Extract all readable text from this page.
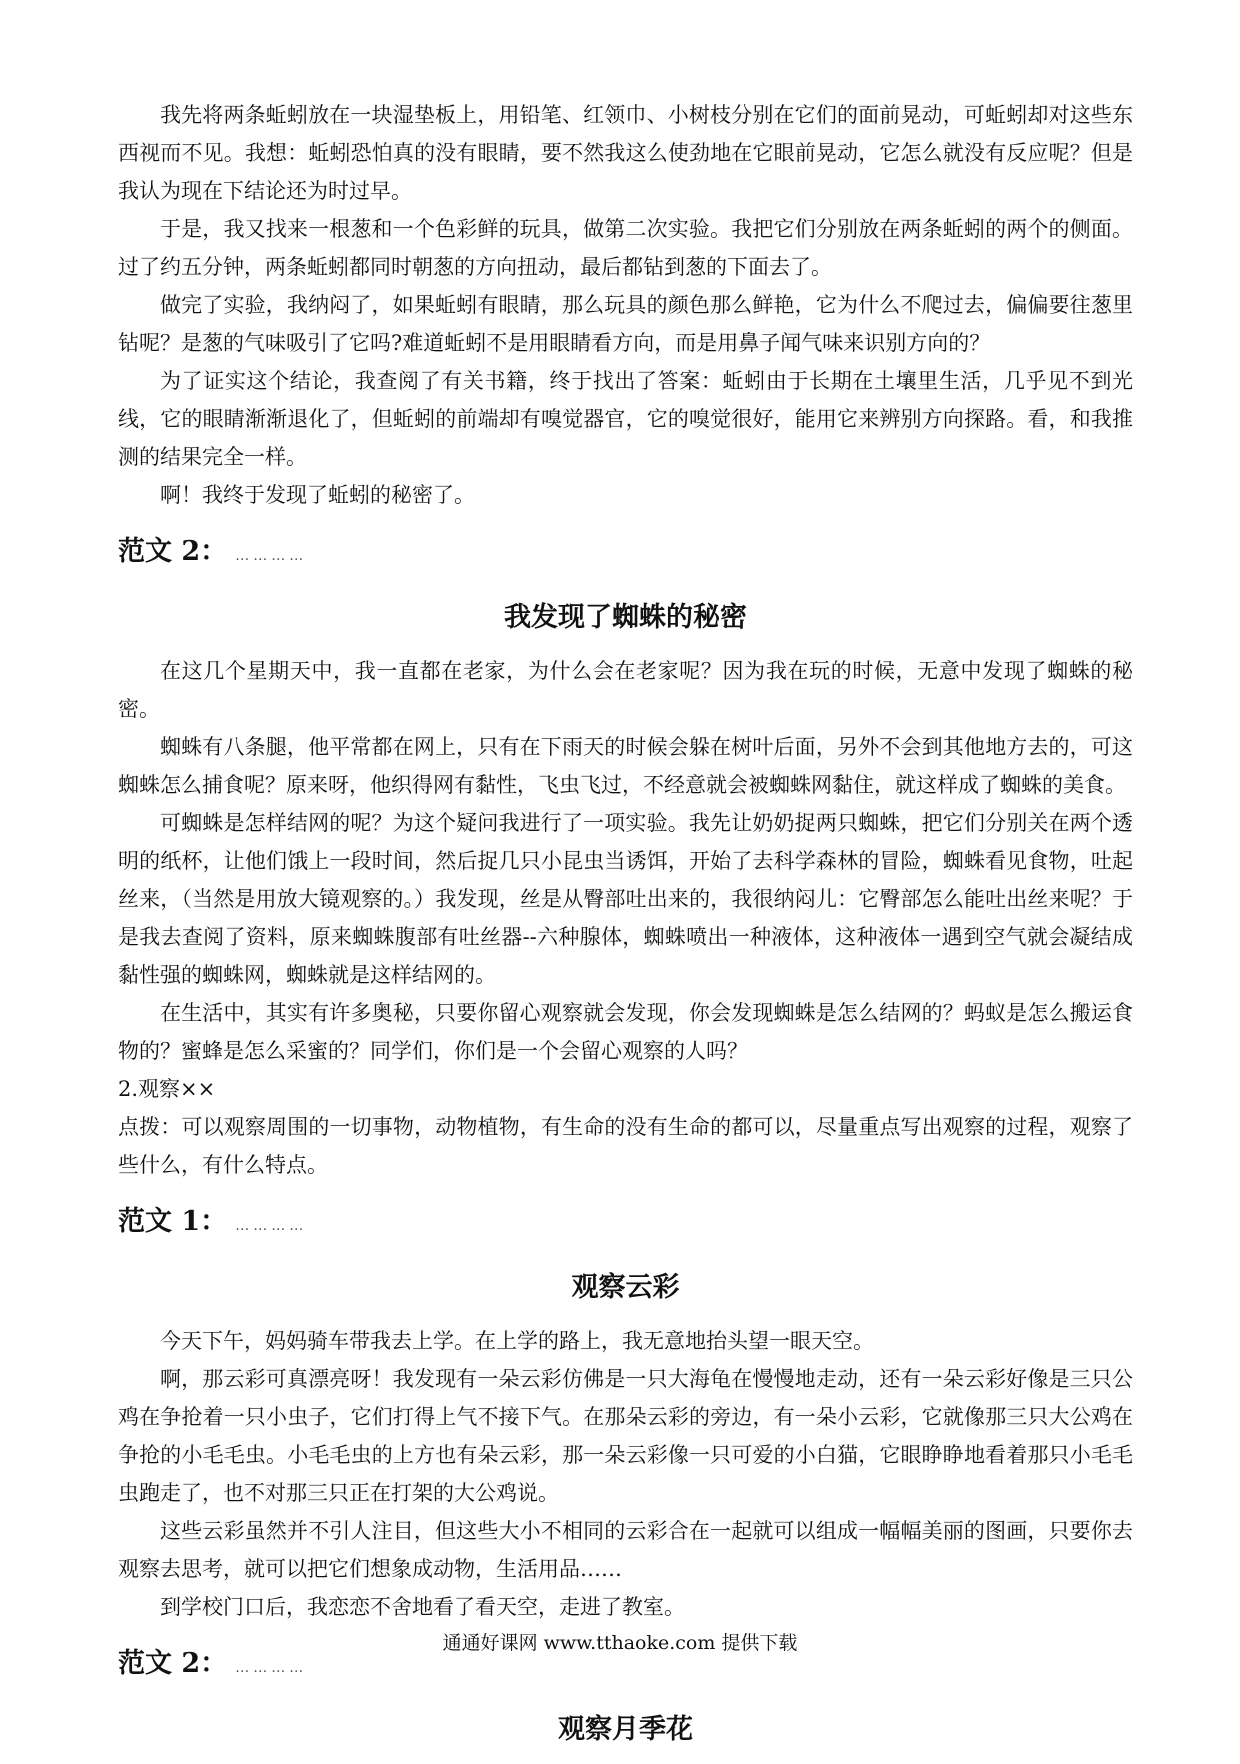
我先将两条蚯蚓放在一块湿垫板上，用铅笔、红领巾、小树枝分别在它们的面前晃动，可蚯蚓却对这些东西视而不见。我想：蚯蚓恐怕真的没有眼睛，要不然我这么使劲地在它眼前晃动，它怎么就没有反应呢？但是我认为现在下结论还为时过早。

于是，我又找来一根葱和一个色彩鲜的玩具，做第二次实验。我把它们分别放在两条蚯蚓的两个的侧面。过了约五分钟，两条蚯蚓都同时朝葱的方向扭动，最后都钻到葱的下面去了。

做完了实验，我纳闷了，如果蚯蚓有眼睛，那么玩具的颜色那么鲜艳，它为什么不爬过去，偏偏要往葱里钻呢？是葱的气味吸引了它吗?难道蚯蚓不是用眼睛看方向，而是用鼻子闻气味来识别方向的？

为了证实这个结论，我查阅了有关书籍，终于找出了答案：蚯蚓由于长期在土壤里生活，几乎见不到光线，它的眼睛渐渐退化了，但蚯蚓的前端却有嗅觉器官，它的嗅觉很好，能用它来辨别方向探路。看，和我推测的结果完全一样。

啊！我终于发现了蚯蚓的秘密了。

范文 2： …………
我发现了蜘蛛的秘密

在这几个星期天中，我一直都在老家，为什么会在老家呢？因为我在玩的时候，无意中发现了蜘蛛的秘密。

蜘蛛有八条腿，他平常都在网上，只有在下雨天的时候会躲在树叶后面，另外不会到其他地方去的，可这蜘蛛怎么捕食呢？原来呀，他织得网有黏性，飞虫飞过，不经意就会被蜘蛛网黏住，就这样成了蜘蛛的美食。

可蜘蛛是怎样结网的呢？为这个疑问我进行了一项实验。我先让奶奶捉两只蜘蛛，把它们分别关在两个透明的纸杯，让他们饿上一段时间，然后捉几只小昆虫当诱饵，开始了去科学森林的冒险，蜘蛛看见食物，吐起丝来，（当然是用放大镜观察的。）我发现，丝是从臀部吐出来的，我很纳闷儿：它臀部怎么能吐出丝来呢？于是我去查阅了资料，原来蜘蛛腹部有吐丝器--六种腺体，蜘蛛喷出一种液体，这种液体一遇到空气就会凝结成黏性强的蜘蛛网，蜘蛛就是这样结网的。

在生活中，其实有许多奥秘，只要你留心观察就会发现，你会发现蜘蛛是怎么结网的？蚂蚁是怎么搬运食物的？蜜蜂是怎么采蜜的？同学们，你们是一个会留心观察的人吗？

2.观察××

点拨：可以观察周围的一切事物，动物植物，有生命的没有生命的都可以，尽量重点写出观察的过程，观察了些什么，有什么特点。

范文 1： …………
观察云彩

今天下午，妈妈骑车带我去上学。在上学的路上，我无意地抬头望一眼天空。

啊，那云彩可真漂亮呀！我发现有一朵云彩仿佛是一只大海龟在慢慢地走动，还有一朵云彩好像是三只公鸡在争抢着一只小虫子，它们打得上气不接下气。在那朵云彩的旁边，有一朵小云彩，它就像那三只大公鸡在争抢的小毛毛虫。小毛毛虫的上方也有朵云彩，那一朵云彩像一只可爱的小白猫，它眼睁睁地看着那只小毛毛虫跑走了，也不对那三只正在打架的大公鸡说。

这些云彩虽然并不引人注目，但这些大小不相同的云彩合在一起就可以组成一幅幅美丽的图画，只要你去观察去思考，就可以把它们想象成动物，生活用品……

到学校门口后，我恋恋不舍地看了看天空，走进了教室。

范文 2： …………
观察月季花
通通好课网 www.tthaoke.com 提供下载
